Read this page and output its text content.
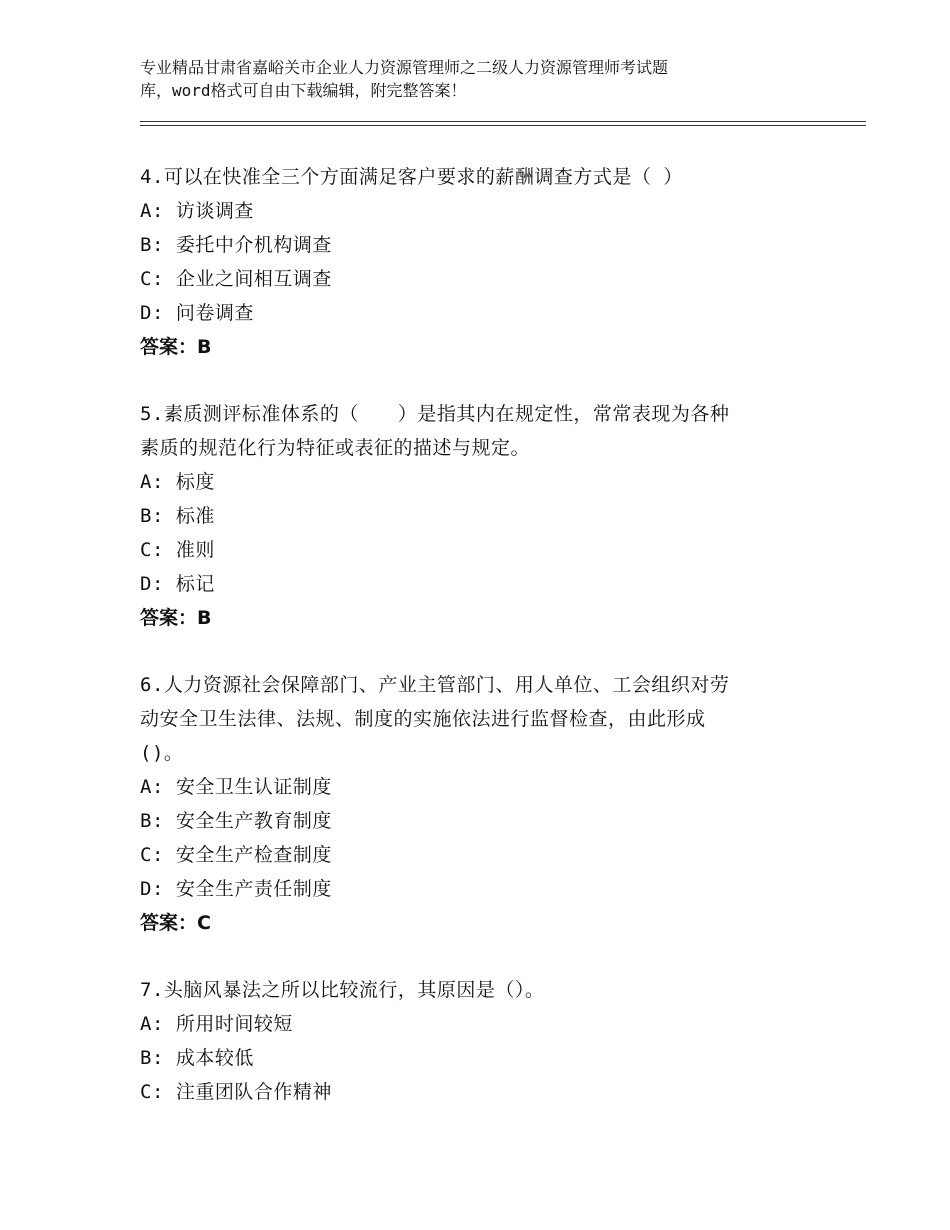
专业精品甘肃省嘉峪关市企业人力资源管理师之二级人力资源管理师考试题
库，word格式可自由下载编辑，附完整答案！
4.可以在快准全三个方面满足客户要求的薪酬调查方式是（ ）
A: 访谈调查
B: 委托中介机构调查
C: 企业之间相互调查
D: 问卷调查
答案：B
5.素质测评标准体系的（　　）是指其内在规定性，常常表现为各种
素质的规范化行为特征或表征的描述与规定。
A: 标度
B: 标准
C: 准则
D: 标记
答案：B
6.人力资源社会保障部门、产业主管部门、用人单位、工会组织对劳
动安全卫生法律、法规、制度的实施依法进行监督检查，由此形成
()。
A: 安全卫生认证制度
B: 安全生产教育制度
C: 安全生产检查制度
D: 安全生产责任制度
答案：C
7.头脑风暴法之所以比较流行，其原因是（）。
A: 所用时间较短
B: 成本较低
C: 注重团队合作精神
